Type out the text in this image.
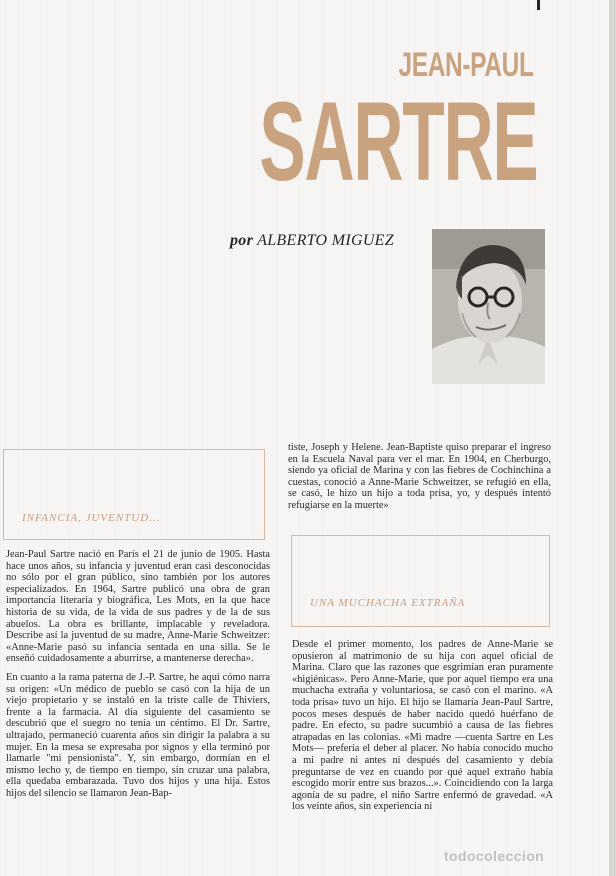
JEAN-PAUL
SARTRE
por ALBERTO MIGUEZ
INFANCIA, JUVENTUD...
UNA MUCHACHA EXTRAÑA

Jean-Paul Sartre nació en París el 21 de junio de 1905. Hasta hace unos años, su infancia y juventud eran casi desconocidas no sólo por el gran público, sino también por los autores especializados. En 1964, Sartre publicó una obra de gran importancia literaria y biográfica, Les Mots, en la que hace historia de su vida, de la vida de sus padres y de la de sus abuelos. La obra es brillante, implacable y reveladora. Describe así la juventud de su madre, Anne-Marie Schweitzer: «Anne-Marie pasó su infancia sentada en una silla. Se le enseñó cuidadosamente a aburrirse, a mantenerse derecha».

En cuanto a la rama paterna de J.-P. Sartre, he aquí cómo narra su origen: «Un médico de pueblo se casó con la hija de un viejo propietario y se instaló en la triste calle de Thiviers, frente a la farmacia. Al día siguiente del casamiento se descubrió que el suegro no tenía un céntimo. El Dr. Sartre, ultrajado, permaneció cuarenta años sin dirigir la palabra a su mujer. En la mesa se expresaba por signos y ella terminó por llamarle "mi pensionista". Y, sin embargo, dormían en el mismo lecho y, de tiempo en tiempo, sin cruzar una palabra, ella quedaba embarazada. Tuvo dos hijos y una hija. Estos hijos del silencio se llamaron Jean-Bap-

tiste, Joseph y Helene. Jean-Baptiste quiso preparar el ingreso en la Escuela Naval para ver el mar. En 1904, en Cherburgo, siendo ya oficial de Marina y con las fiebres de Cochinchina a cuestas, conoció a Anne-Marie Schweitzer, se refugió en ella, se casó, le hizo un hijo a toda prisa, yo, y después intentó refugiarse en la muerte»

Desde el primer momento, los padres de Anne-Marie se opusieron al matrimonio de su hija con aquel oficial de Marina. Claro que las razones que esgrimían eran puramente «higiénicas». Pero Anne-Marie, que por aquel tiempo era una muchacha extraña y voluntariosa, se casó con el marino. «A toda prisa» tuvo un hijo. El hijo se llamaría Jean-Paul Sartre, pocos meses después de haber nacido quedó huérfano de padre. En efecto, su padre sucumbió a causa de las fiebres atrapadas en las colonias. «Mi madre —cuenta Sartre en Les Mots— prefería el deber al placer. No había conocido mucho a mi padre ni antes ni después del casamiento y debía preguntarse de vez en cuando por qué aquel extraño había escogido morir entre sus brazos...». Coincidiendo con la larga agonía de su padre, el niño Sartre enfermó de gravedad. «A los veinte años, sin experiencia ni

todocoleccion
